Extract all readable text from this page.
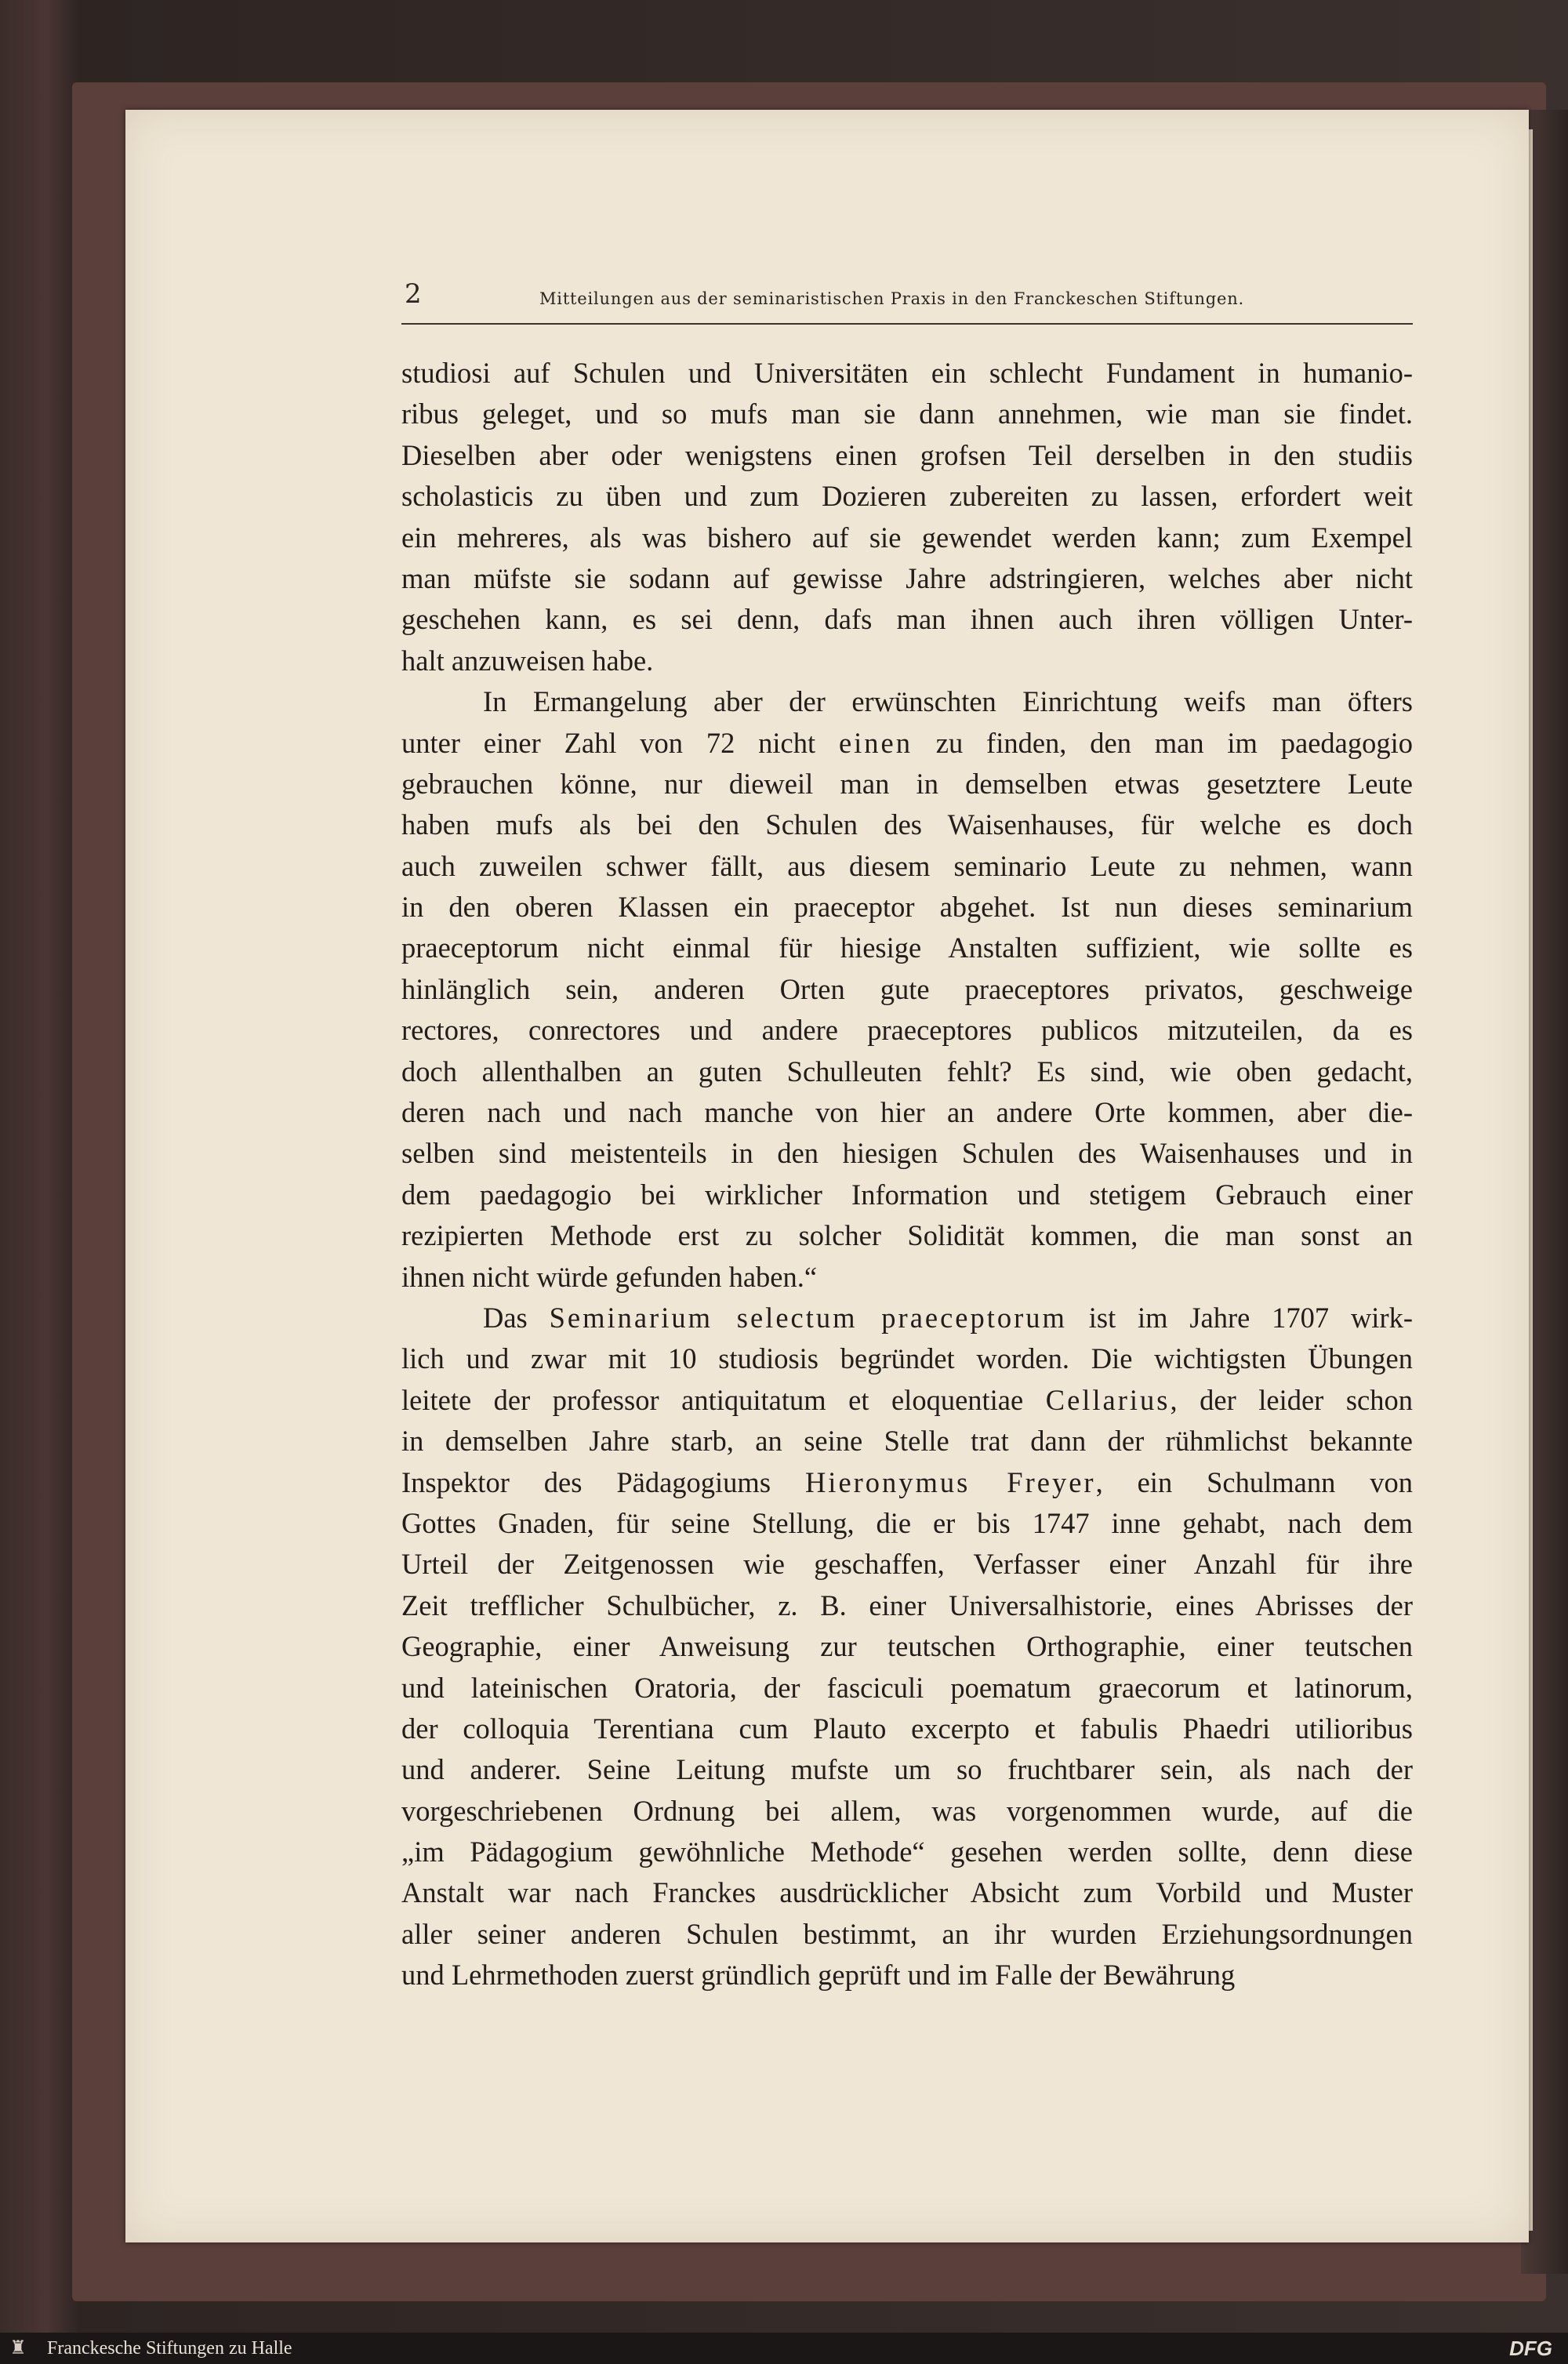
2	Mitteilungen aus der seminaristischen Praxis in den Franckeschen Stiftungen.
studiosi auf Schulen und Universitäten ein schlecht Fundament in humanio-
ribus geleget, und so mufs man sie dann annehmen, wie man sie findet.
Dieselben aber oder wenigstens einen grofsen Teil derselben in den studiis
scholasticis zu üben und zum Dozieren zubereiten zu lassen, erfordert weit
ein mehreres, als was bishero auf sie gewendet werden kann; zum Exempel
man müfste sie sodann auf gewisse Jahre adstringieren, welches aber nicht
geschehen kann, es sei denn, dafs man ihnen auch ihren völligen Unter-
halt anzuweisen habe.
In Ermangelung aber der erwünschten Einrichtung weifs man öfters
unter einer Zahl von 72 nicht einen zu finden, den man im paedagogio
gebrauchen könne, nur dieweil man in demselben etwas gesetztere Leute
haben mufs als bei den Schulen des Waisenhauses, für welche es doch
auch zuweilen schwer fällt, aus diesem seminario Leute zu nehmen, wann
in den oberen Klassen ein praeceptor abgehet. Ist nun dieses seminarium
praeceptorum nicht einmal für hiesige Anstalten suffizient, wie sollte es
hinlänglich sein, anderen Orten gute praeceptores privatos, geschweige
rectores, conrectores und andere praeceptores publicos mitzuteilen, da es
doch allenthalben an guten Schulleuten fehlt? Es sind, wie oben gedacht,
deren nach und nach manche von hier an andere Orte kommen, aber die-
selben sind meistenteils in den hiesigen Schulen des Waisenhauses und in
dem paedagogio bei wirklicher Information und stetigem Gebrauch einer
rezipierten Methode erst zu solcher Solidität kommen, die man sonst an
ihnen nicht würde gefunden haben.“
Das Seminarium selectum praeceptorum ist im Jahre 1707 wirk-
lich und zwar mit 10 studiosis begründet worden. Die wichtigsten Übungen
leitete der professor antiquitatum et eloquentiae Cellarius, der leider schon
in demselben Jahre starb, an seine Stelle trat dann der rühmlichst bekannte
Inspektor des Pädagogiums Hieronymus Freyer, ein Schulmann von
Gottes Gnaden, für seine Stellung, die er bis 1747 inne gehabt, nach dem
Urteil der Zeitgenossen wie geschaffen, Verfasser einer Anzahl für ihre
Zeit trefflicher Schulbücher, z. B. einer Universalhistorie, eines Abrisses der
Geographie, einer Anweisung zur teutschen Orthographie, einer teutschen
und lateinischen Oratoria, der fasciculi poematum graecorum et latinorum,
der colloquia Terentiana cum Plauto excerpto et fabulis Phaedri utilioribus
und anderer. Seine Leitung mufste um so fruchtbarer sein, als nach der
vorgeschriebenen Ordnung bei allem, was vorgenommen wurde, auf die
„im Pädagogium gewöhnliche Methode“ gesehen werden sollte, denn diese
Anstalt war nach Franckes ausdrücklicher Absicht zum Vorbild und Muster
aller seiner anderen Schulen bestimmt, an ihr wurden Erziehungsordnungen
und Lehrmethoden zuerst gründlich geprüft und im Falle der Bewährung
♜ Franckesche Stiftungen zu Halle	DFG
